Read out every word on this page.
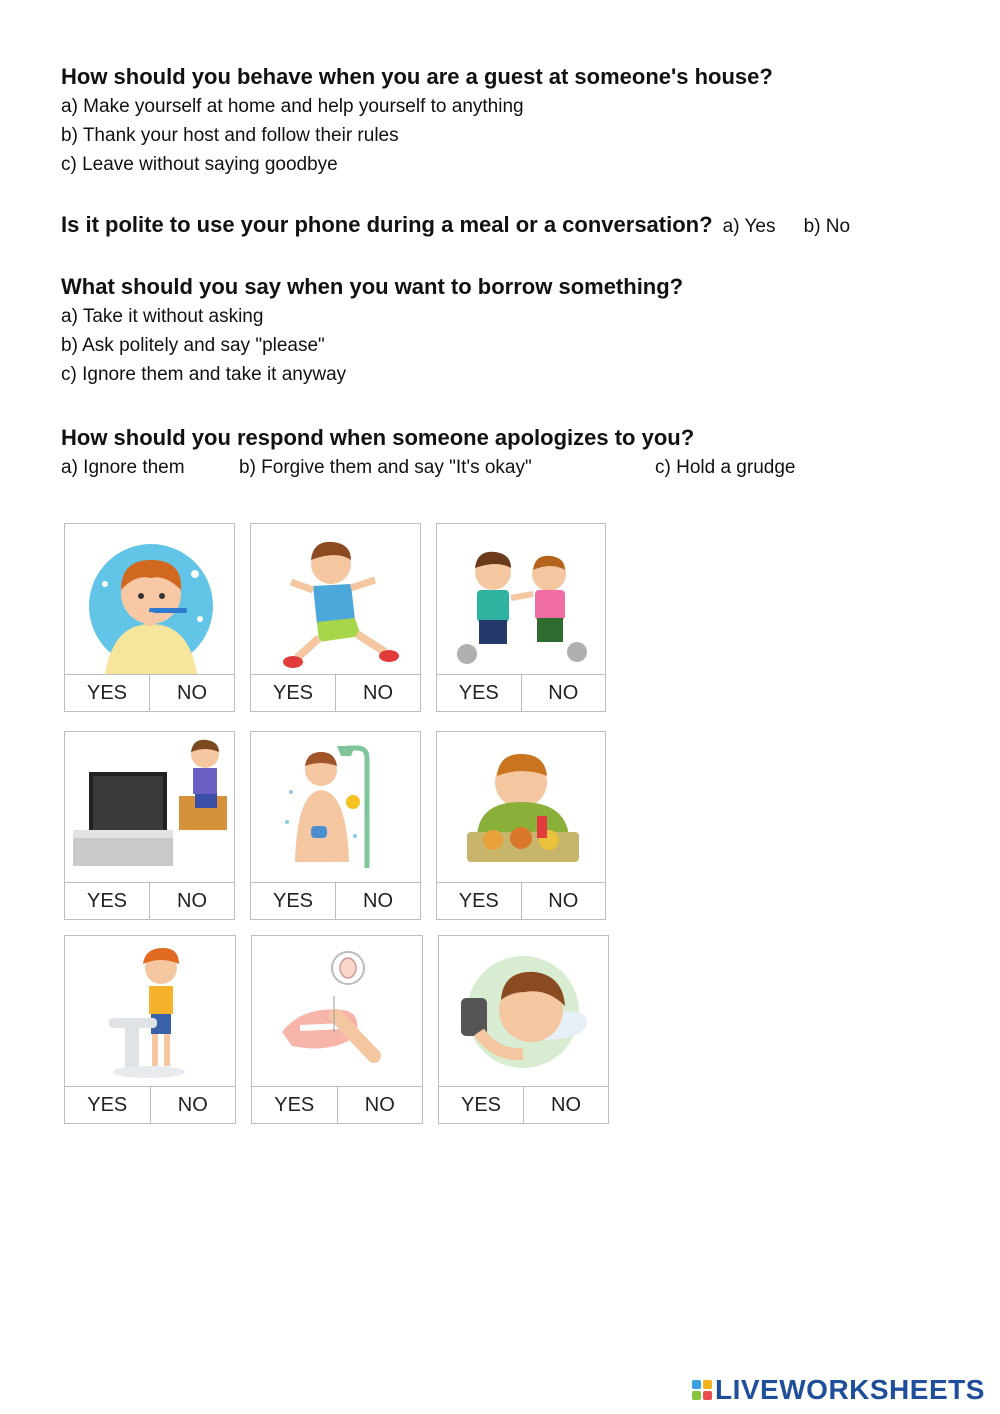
How should you behave when you are a guest at someone's house?
a) Make yourself at home and help yourself to anything
b) Thank your host and follow their rules
c) Leave without saying goodbye
Is it polite to use your phone during a meal or a conversation? a) Yes b) No
What should you say when you want to borrow something?
a) Take it without asking
b) Ask politely and say "please"
c) Ignore them and take it anyway
How should you respond when someone apologizes to you?
a) Ignore them	b) Forgive them and say "It's okay"	c) Hold a grudge
YES	NO	YES	NO	YES	NO
YES	NO	YES	NO	YES	NO
YES	NO	YES	NO	YES	NO
LIVEWORKSHEETS
